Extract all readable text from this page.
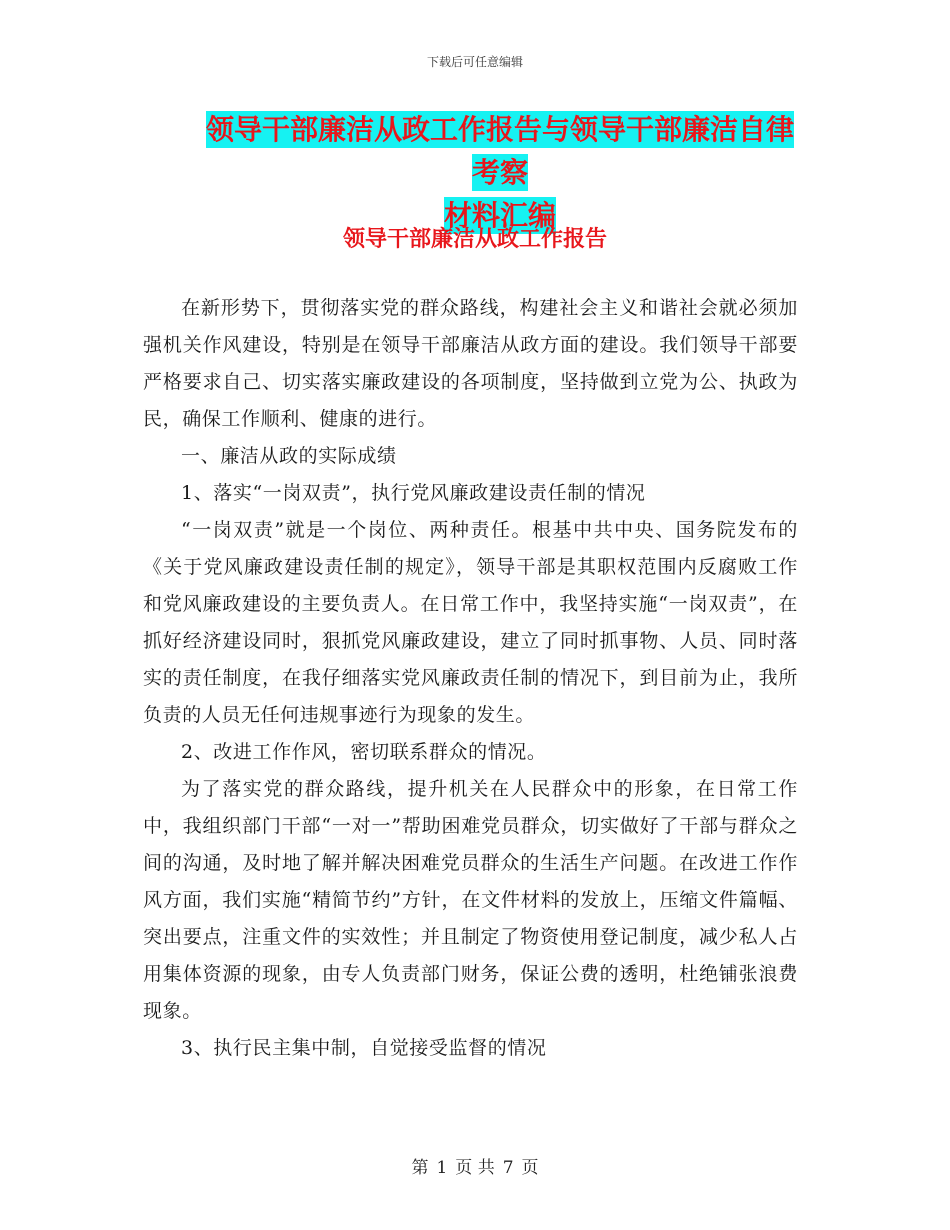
下载后可任意编辑
领导干部廉洁从政工作报告与领导干部廉洁自律考察
材料汇编
领导干部廉洁从政工作报告

在新形势下，贯彻落实党的群众路线，构建社会主义和谐社会就必须加强机关作风建设，特别是在领导干部廉洁从政方面的建设。我们领导干部要严格要求自己、切实落实廉政建设的各项制度，坚持做到立党为公、执政为民，确保工作顺利、健康的进行。

一、廉洁从政的实际成绩

1、落实“一岗双责”，执行党风廉政建设责任制的情况

“一岗双责”就是一个岗位、两种责任。根基中共中央、国务院发布的《关于党风廉政建设责任制的规定》，领导干部是其职权范围内反腐败工作和党风廉政建设的主要负责人。在日常工作中，我坚持实施“一岗双责”，在抓好经济建设同时，狠抓党风廉政建设，建立了同时抓事物、人员、同时落实的责任制度，在我仔细落实党风廉政责任制的情况下，到目前为止，我所负责的人员无任何违规事迹行为现象的发生。

2、改进工作作风，密切联系群众的情况。

为了落实党的群众路线，提升机关在人民群众中的形象，在日常工作中，我组织部门干部“一对一”帮助困难党员群众，切实做好了干部与群众之间的沟通，及时地了解并解决困难党员群众的生活生产问题。在改进工作作风方面，我们实施“精简节约”方针，在文件材料的发放上，压缩文件篇幅、突出要点，注重文件的实效性；并且制定了物资使用登记制度，减少私人占用集体资源的现象，由专人负责部门财务，保证公费的透明，杜绝铺张浪费现象。

3、执行民主集中制，自觉接受监督的情况

第 1 页 共 7 页
